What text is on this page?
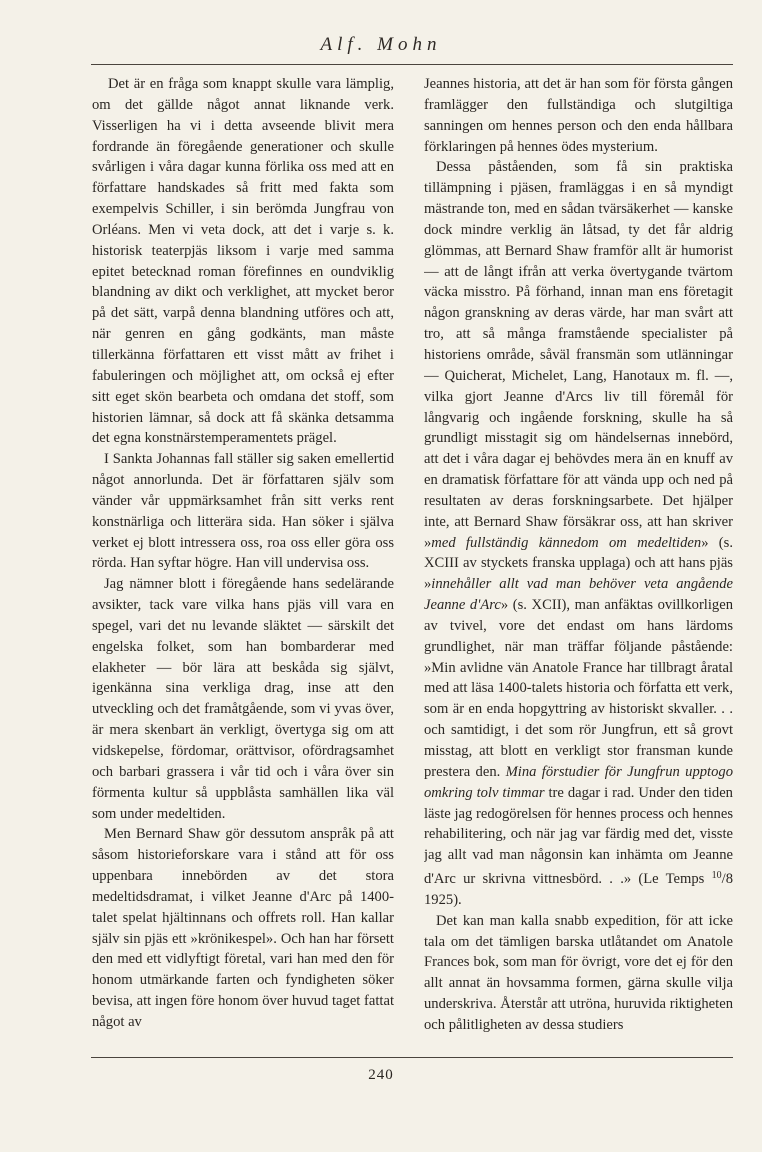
Alf. Mohn

Det är en fråga som knappt skulle vara lämplig, om det gällde något annat liknande verk. Visserligen ha vi i detta avseende blivit mera fordrande än föregående generationer och skulle svårligen i våra dagar kunna förlika oss med att en författare handskades så fritt med fakta som exempelvis Schiller, i sin berömda Jungfrau von Orléans. Men vi veta dock, att det i varje s. k. historisk teaterpjäs liksom i varje med samma epitet betecknad roman förefinnes en oundviklig blandning av dikt och verklighet, att mycket beror på det sätt, varpå denna blandning utföres och att, när genren en gång godkänts, man måste tillerkänna författaren ett visst mått av frihet i fabuleringen och möjlighet att, om också ej efter sitt eget skön bearbeta och omdana det stoff, som historien lämnar, så dock att få skänka detsamma det egna konstnärstemperamentets prägel.

I Sankta Johannas fall ställer sig saken emellertid något annorlunda. Det är författaren själv som vänder vår uppmärksamhet från sitt verks rent konstnärliga och litterära sida. Han söker i själva verket ej blott intressera oss, roa oss eller göra oss rörda. Han syftar högre. Han vill undervisa oss.

Jag nämner blott i föregående hans sedelärande avsikter, tack vare vilka hans pjäs vill vara en spegel, vari det nu levande släktet — särskilt det engelska folket, som han bombarderar med elakheter — bör lära att beskåda sig självt, igenkänna sina verkliga drag, inse att den utveckling och det framåtgående, som vi yvas över, är mera skenbart än verkligt, övertyga sig om att vidskepelse, fördomar, orättvisor, ofördragsamhet och barbari grassera i vår tid och i våra över sin förmenta kultur så uppblåsta samhällen lika väl som under medeltiden.

Men Bernard Shaw gör dessutom anspråk på att såsom historieforskare vara i stånd att för oss uppenbara innebörden av det stora medeltidsdramat, i vilket Jeanne d'Arc på 1400-talet spelat hjältinnans och offrets roll. Han kallar själv sin pjäs ett »krönikespel». Och han har försett den med ett vidlyftigt företal, vari han med den för honom utmärkande farten och fyndigheten söker bevisa, att ingen före honom över huvud taget fattat något av

Jeannes historia, att det är han som för första gången framlägger den fullständiga och slutgiltiga sanningen om hennes person och den enda hållbara förklaringen på hennes ödes mysterium.

Dessa påståenden, som få sin praktiska tillämpning i pjäsen, framläggas i en så myndigt mästrande ton, med en sådan tvärsäkerhet — kanske dock mindre verklig än låtsad, ty det får aldrig glömmas, att Bernard Shaw framför allt är humorist — att de långt ifrån att verka övertygande tvärtom väcka misstro. På förhand, innan man ens företagit någon granskning av deras värde, har man svårt att tro, att så många framstående specialister på historiens område, såväl fransmän som utlänningar — Quicherat, Michelet, Lang, Hanotaux m. fl. —, vilka gjort Jeanne d'Arcs liv till föremål för långvarig och ingående forskning, skulle ha så grundligt misstagit sig om händelsernas innebörd, att det i våra dagar ej behövdes mera än en knuff av en dramatisk författare för att vända upp och ned på resultaten av deras forskningsarbete. Det hjälper inte, att Bernard Shaw försäkrar oss, att han skriver »med fullständig kännedom om medeltiden» (s. XCIII av styckets franska upplaga) och att hans pjäs »innehåller allt vad man behöver veta angående Jeanne d'Arc» (s. XCII), man anfäktas ovillkorligen av tvivel, vore det endast om hans lärdoms grundlighet, när man träffar följande påstående: »Min avlidne vän Anatole France har tillbragt åratal med att läsa 1400-talets historia och författa ett verk, som är en enda hopgyttring av historiskt skvaller. . . och samtidigt, i det som rör Jungfrun, ett så grovt misstag, att blott en verkligt stor fransman kunde prestera den. Mina förstudier för Jungfrun upptogo omkring tolv timmar tre dagar i rad. Under den tiden läste jag redogörelsen för hennes process och hennes rehabilitering, och när jag var färdig med det, visste jag allt vad man någonsin kan inhämta om Jeanne d'Arc ur skrivna vittnesbörd. . .» (Le Temps $^{10}$/8 1925).

Det kan man kalla snabb expedition, för att icke tala om det tämligen barska utlåtandet om Anatole Frances bok, som man för övrigt, vore det ej för den allt annat än hovsamma formen, gärna skulle vilja underskriva. Återstår att utröna, huruvida riktigheten och pålitligheten av dessa studiers

240
